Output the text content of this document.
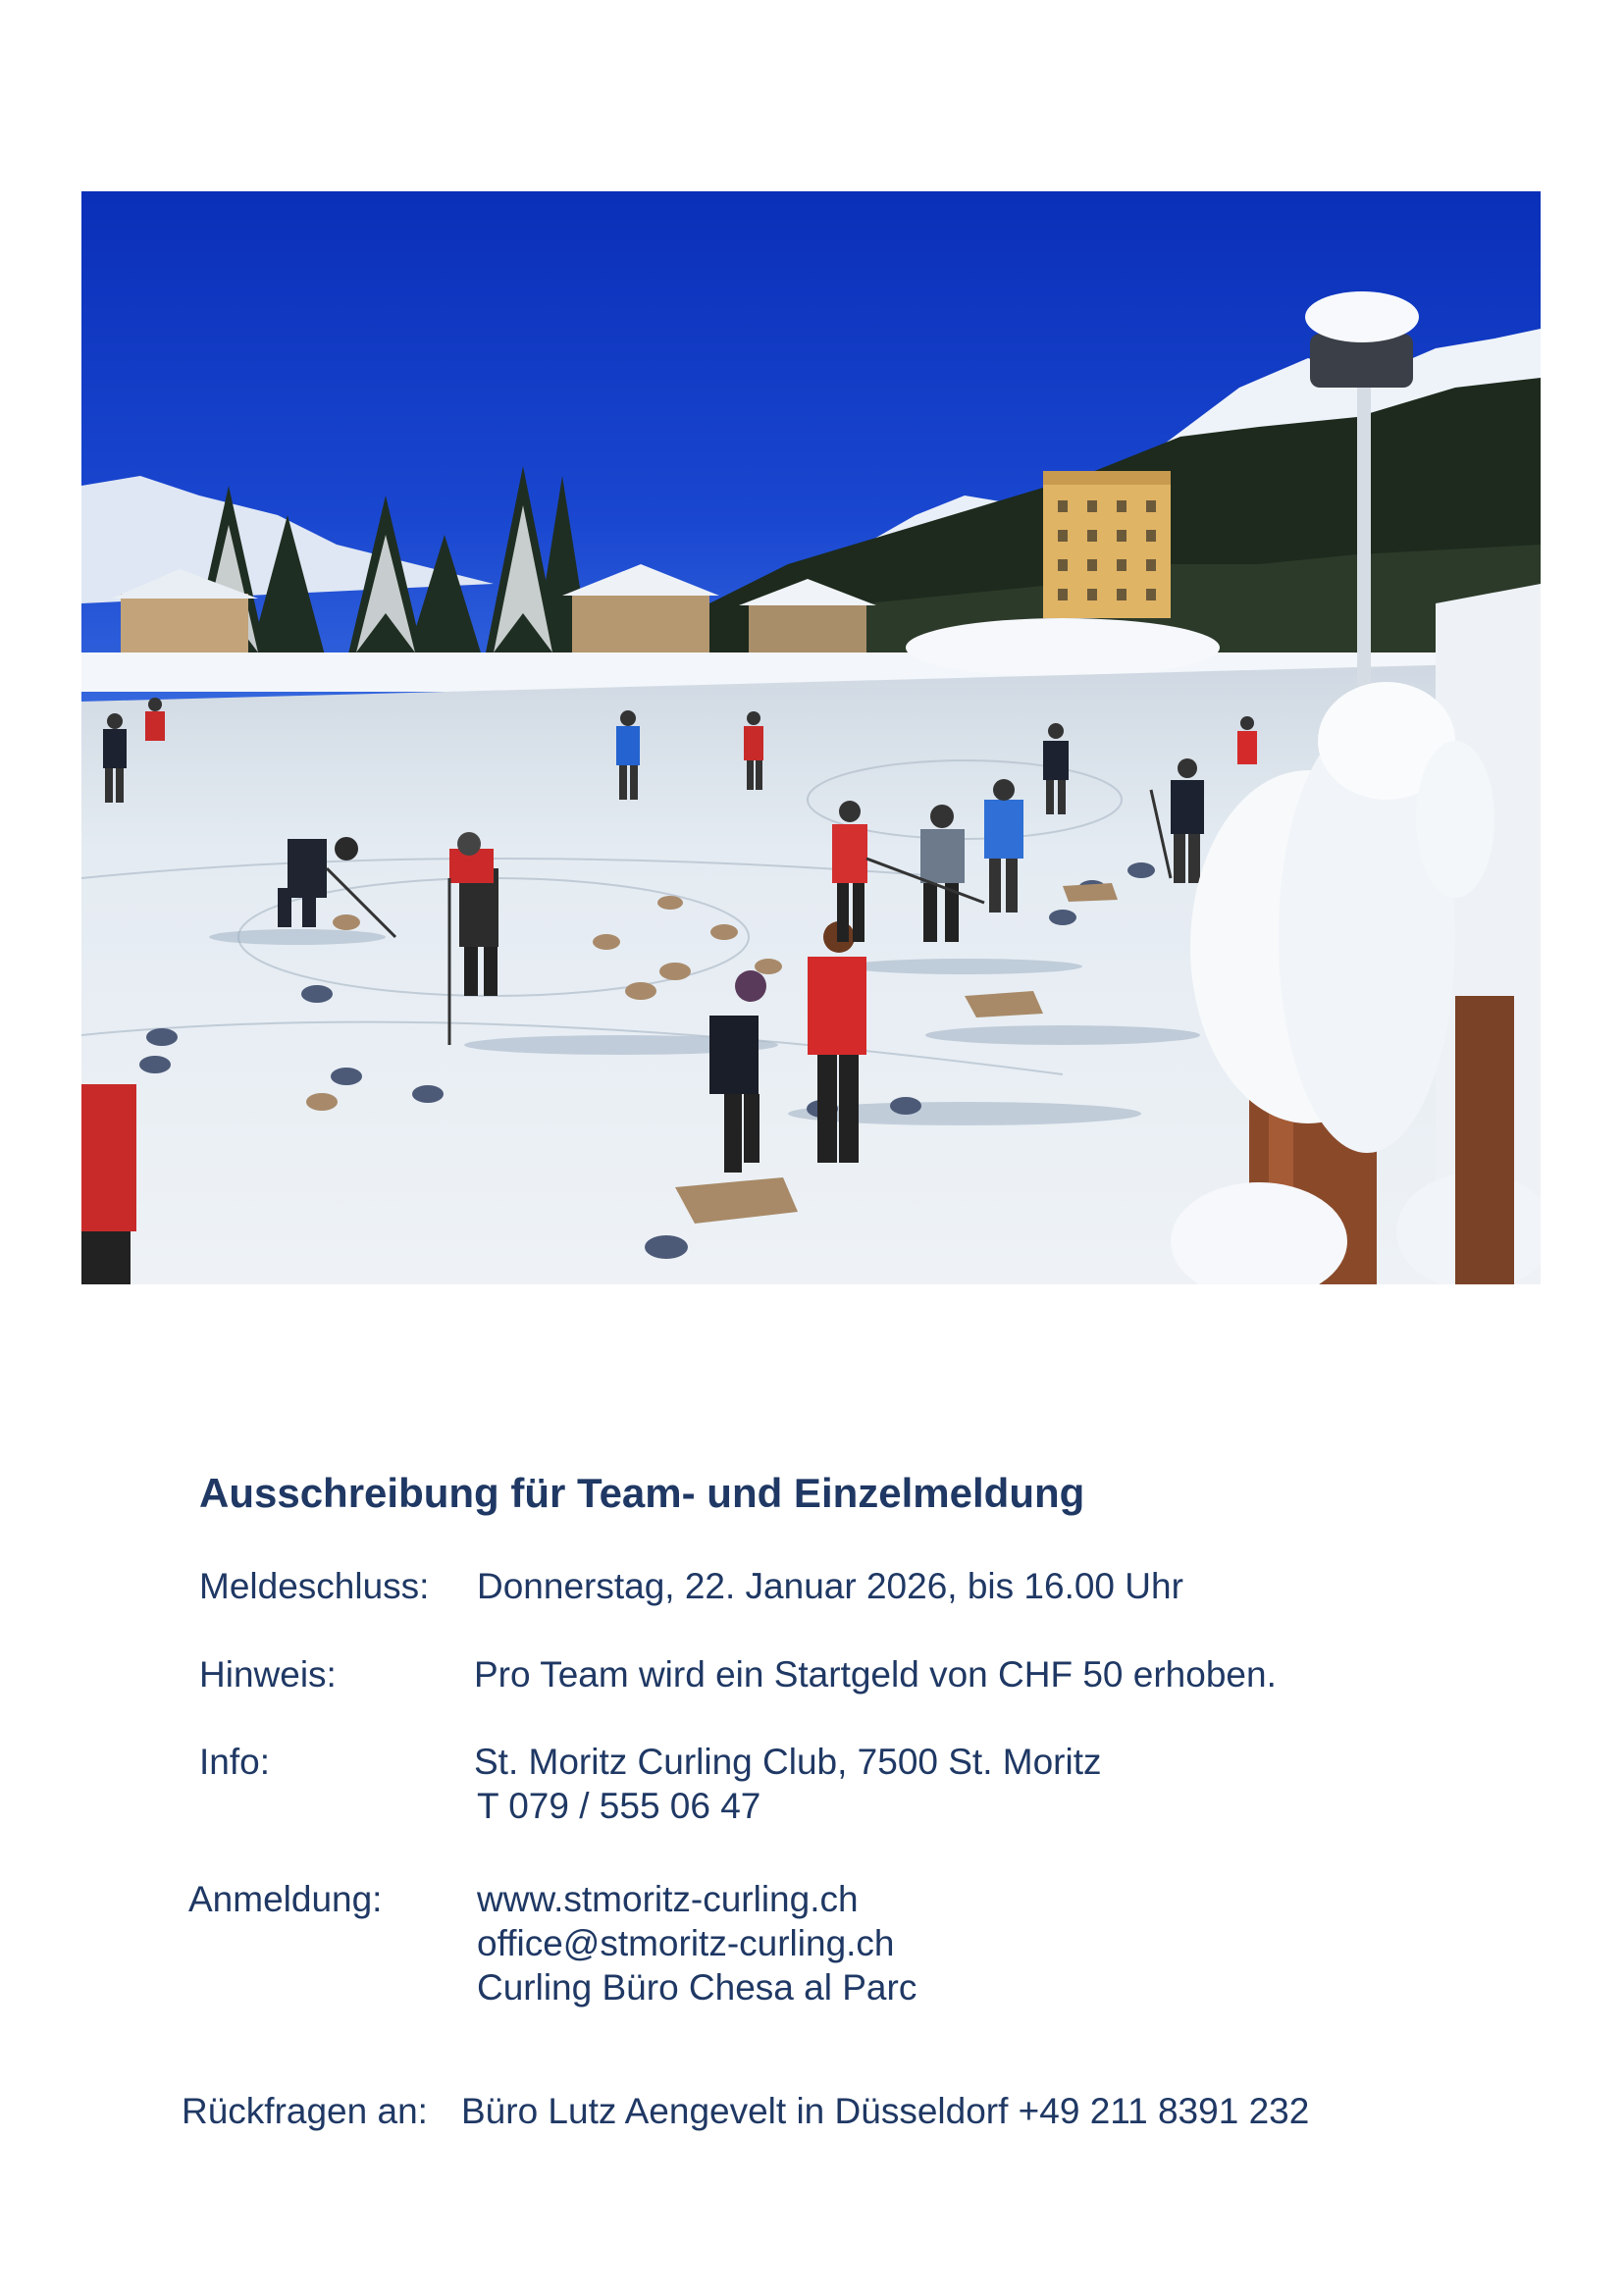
Ausschreibung für Team- und Einzelmeldung
Meldeschluss: Donnerstag, 22. Januar 2026, bis 16.00 Uhr
Hinweis:	Pro Team wird ein Startgeld von CHF 50 erhoben.
Info:	St. Moritz Curling Club, 7500 St. Moritz
T 079 / 555 06 47
Anmeldung:	www.stmoritz-curling.ch
office@stmoritz-curling.ch
Curling Büro Chesa al Parc
Rückfragen an: Büro Lutz Aengevelt in Düsseldorf +49 211 8391 232
